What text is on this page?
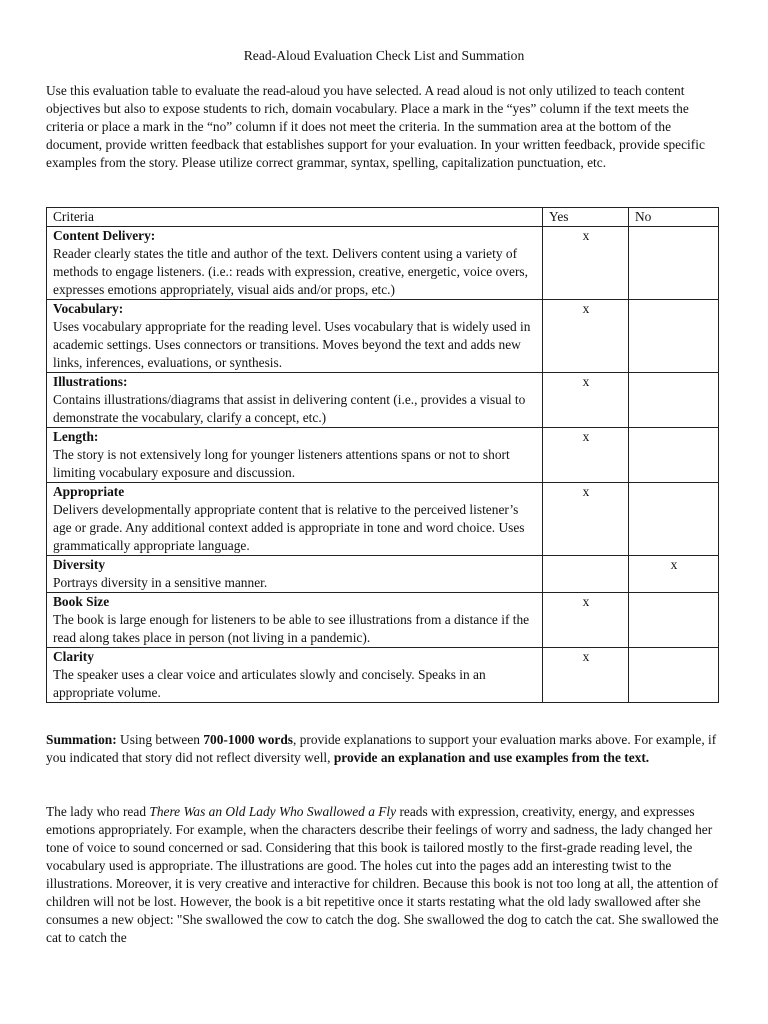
Read-Aloud Evaluation Check List and Summation

Use this evaluation table to evaluate the read-aloud you have selected. A read aloud is not only utilized to teach content objectives but also to expose students to rich, domain vocabulary. Place a mark in the “yes” column if the text meets the criteria or place a mark in the “no” column if it does not meet the criteria. In the summation area at the bottom of the document, provide written feedback that establishes support for your evaluation. In your written feedback, provide specific examples from the story. Please utilize correct grammar, syntax, spelling, capitalization punctuation, etc.

Criteria	Yes	No

Content Delivery:
Reader clearly states the title and author of the text. Delivers content using a variety of methods to engage listeners. (i.e.: reads with expression, creative, energetic, voice overs, expresses emotions appropriately, visual aids and/or props, etc.)	x	

Vocabulary:
Uses vocabulary appropriate for the reading level. Uses vocabulary that is widely used in academic settings. Uses connectors or transitions. Moves beyond the text and adds new links, inferences, evaluations, or synthesis.	x	

Illustrations:
Contains illustrations/diagrams that assist in delivering content (i.e., provides a visual to demonstrate the vocabulary, clarify a concept, etc.)	x	

Length:
The story is not extensively long for younger listeners attentions spans or not to short limiting vocabulary exposure and discussion.	x	

Appropriate
Delivers developmentally appropriate content that is relative to the perceived listener’s age or grade. Any additional context added is appropriate in tone and word choice. Uses grammatically appropriate language.	x	

Diversity
Portrays diversity in a sensitive manner.		x

Book Size
The book is large enough for listeners to be able to see illustrations from a distance if the read along takes place in person (not living in a pandemic).	x	

Clarity
The speaker uses a clear voice and articulates slowly and concisely. Speaks in an appropriate volume.	x	

Summation: Using between 700-1000 words, provide explanations to support your evaluation marks above. For example, if you indicated that story did not reflect diversity well, provide an explanation and use examples from the text.

The lady who read There Was an Old Lady Who Swallowed a Fly reads with expression, creativity, energy, and expresses emotions appropriately. For example, when the characters describe their feelings of worry and sadness, the lady changed her tone of voice to sound concerned or sad. Considering that this book is tailored mostly to the first-grade reading level, the vocabulary used is appropriate. The illustrations are good. The holes cut into the pages add an interesting twist to the illustrations. Moreover, it is very creative and interactive for children. Because this book is not too long at all, the attention of children will not be lost. However, the book is a bit repetitive once it starts restating what the old lady swallowed after she consumes a new object: "She swallowed the cow to catch the dog. She swallowed the dog to catch the cat. She swallowed the cat to catch the
